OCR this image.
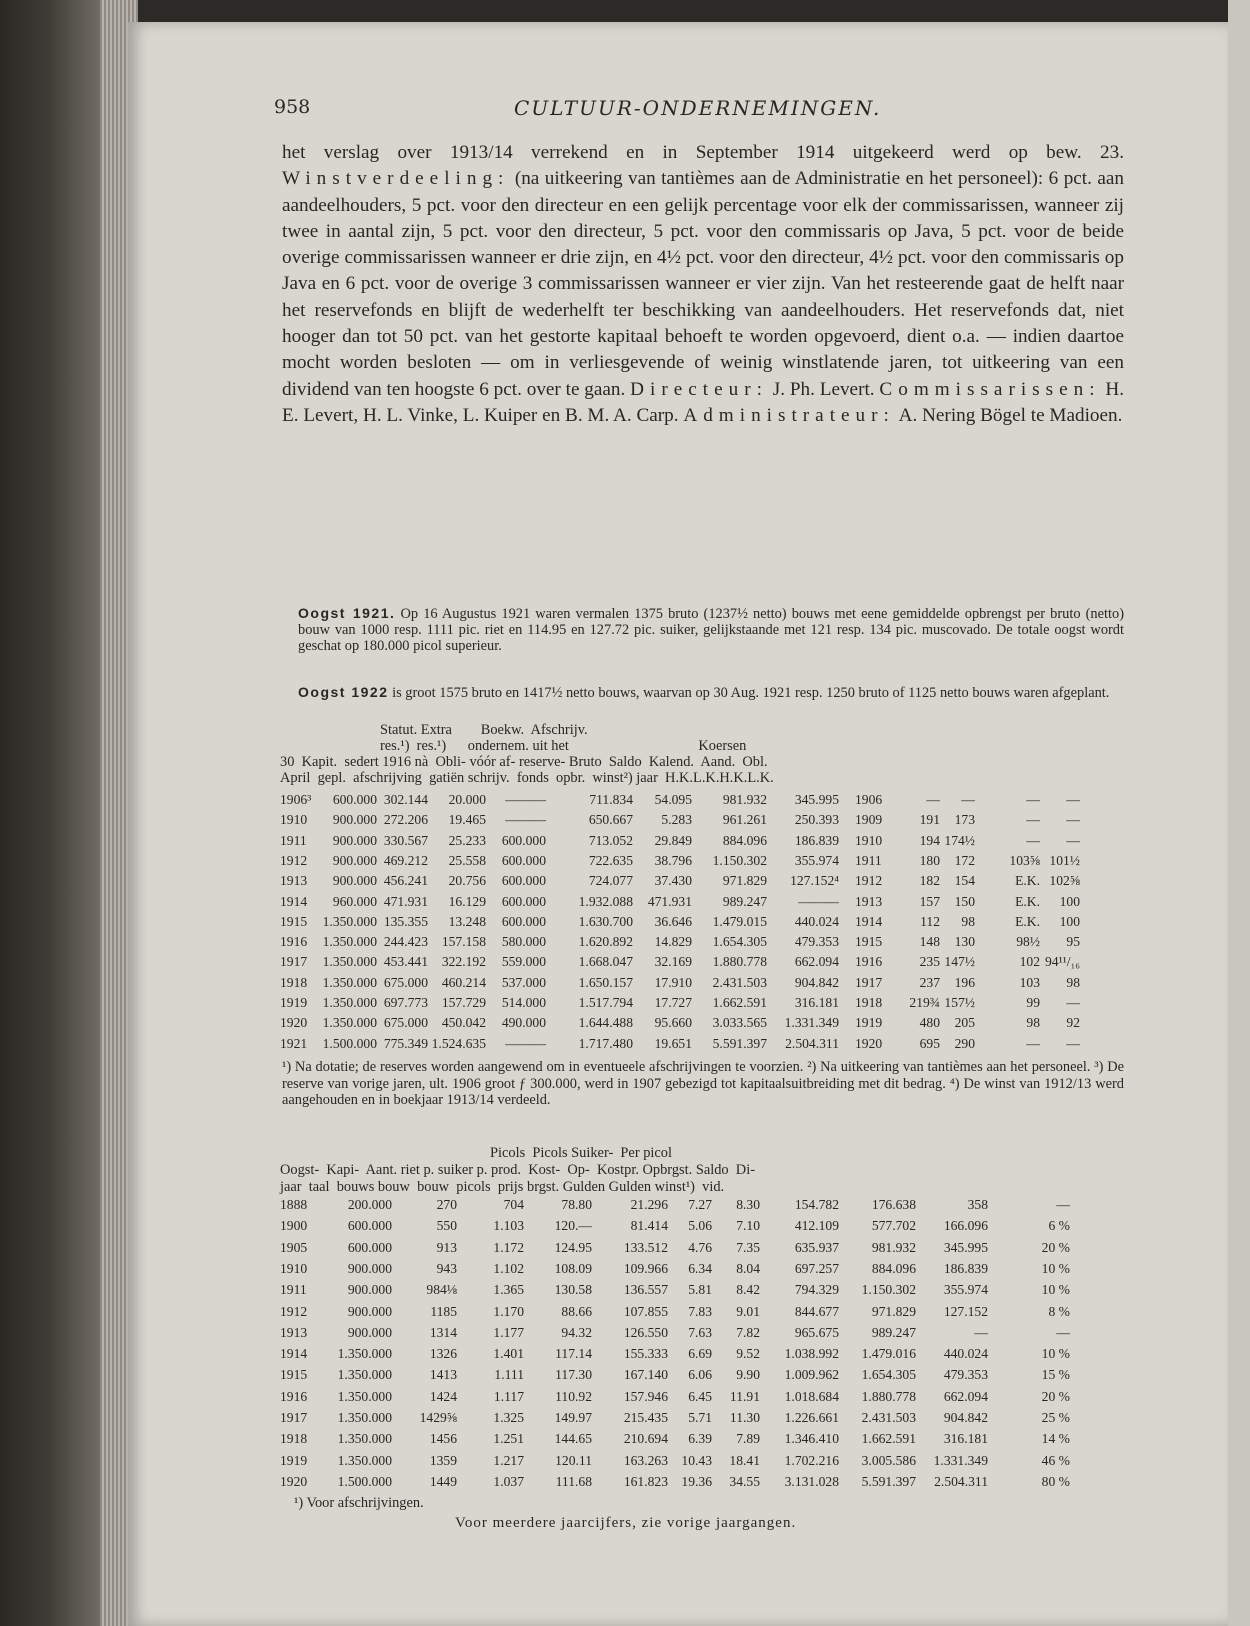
958	CULTUUR-ONDERNEMINGEN.
het verslag over 1913/14 verrekend en in September 1914 uitgekeerd werd op bew. 23. Winstverdeeling: (na uitkeering van tantièmes aan de Administratie en het personeel): 6 pct. aan aandeelhouders, 5 pct. voor den directeur en een gelijk percentage voor elk der commissarissen, wanneer zij twee in aantal zijn, 5 pct. voor den directeur, 5 pct. voor den commissaris op Java, 5 pct. voor de beide overige commissarissen wanneer er drie zijn, en 4½ pct. voor den directeur, 4½ pct. voor den commissaris op Java en 6 pct. voor de overige 3 commissarissen wanneer er vier zijn. Van het resteerende gaat de helft naar het reservefonds en blijft de wederhelft ter beschikking van aandeelhouders. Het reservefonds dat, niet hooger dan tot 50 pct. van het gestorte kapitaal behoeft te worden opgevoerd, dient o.a. — indien daartoe mocht worden besloten — om in verliesgevende of weinig winstlatende jaren, tot uitkeering van een dividend van ten hoogste 6 pct. over te gaan. Directeur: J. Ph. Levert. Commissarissen: H. E. Levert, H. L. Vinke, L. Kuiper en B. M. A. Carp. Administrateur: A. Nering Bögel te Madioen.
Oogst 1921. Op 16 Augustus 1921 waren vermalen 1375 bruto (1237½ netto) bouws met eene gemiddelde opbrengst per bruto (netto) bouw van 1000 resp. 1111 pic. riet en 114.95 en 127.72 pic. suiker, gelijkstaande met 121 resp. 134 pic. muscovado. De totale oogst wordt geschat op 180.000 picol superieur.
Oogst 1922 is groot 1575 bruto en 1417½ netto bouws, waarvan op 30 Aug. 1921 resp. 1250 bruto of 1125 netto bouws waren afgeplant.
Statut. Extra        Boekw.  Afschrijv.
res.¹)  res.¹)      ondernem. uit het                                    Koersen
30  Kapit.  sedert 1916 nà  Obli- vóór af- reserve- Bruto  Saldo  Kalend.  Aand.  Obl.
April  gepl.  afschrijving  gatiën schrijv.  fonds  opbr.  winst²) jaar  H.K.L.K.H.K.L.K.
1906³ 600.000 302.144 20.000 ———	711.834 54.095 981.932 345.995 1906	— —	— —
1910 900.000 272.206 19.465 ———	650.667 5.283 961.261 250.393 1909	191 173	— —
1911 900.000 330.567 25.233 600.000	713.052 29.849 884.096 186.839 1910	194 174½	— —
1912 900.000 469.212 25.558 600.000	722.635 38.796 1.150.302 355.974 1911	180 172	103⅝ 101½
1913 900.000 456.241 20.756 600.000	724.077 37.430 971.829 127.152⁴ 1912	182 154	E.K. 102⅝
1914 960.000 471.931 16.129 600.000 1.932.088 471.931 989.247 ——— 1913	157 150	E.K. 100
1915 1.350.000 135.355 13.248 600.000 1.630.700 36.646 1.479.015 440.024 1914	112 98	E.K. 100
1916 1.350.000 244.423 157.158 580.000 1.620.892 14.829 1.654.305 479.353 1915	148 130	98½ 95
1917 1.350.000 453.441 322.192 559.000 1.668.047 32.169 1.880.778 662.094 1916	235 147½	102 94¹¹/₁₆
1918 1.350.000 675.000 460.214 537.000 1.650.157 17.910 2.431.503 904.842 1917	237 196	103 98
1919 1.350.000 697.773 157.729 514.000 1.517.794 17.727 1.662.591 316.181 1918 219¾ 157½	99 —
1920 1.350.000 675.000 450.042 490.000 1.644.488 95.660 3.033.565 1.331.349 1919	480 205	98 92
1921 1.500.000 775.349 1.524.635 ——— 1.717.480 19.651 5.591.397 2.504.311 1920	695 290	— —
¹) Na dotatie; de reserves worden aangewend om in eventueele afschrijvingen te voorzien. ²) Na uitkeering van tantièmes aan het personeel. ³) De reserve van vorige jaren, ult. 1906 groot ƒ 300.000, werd in 1907 gebezigd tot kapitaalsuitbreiding met dit bedrag. ⁴) De winst van 1912/13 werd aangehouden en in boekjaar 1913/14 verdeeld.
Picols  Picols Suiker-  Per picol
Oogst-  Kapi-  Aant. riet p. suiker p. prod.  Kost-  Op-  Kostpr. Opbrgst. Saldo  Di-
jaar  taal  bouws bouw  bouw  picols  prijs brgst. Gulden Gulden winst¹)  vid.
1888	200.000	270	704	78.80	21.296 7.27 8.30	154.782 176.638	358	—
1900	600.000	550	1.103 120.—	81.414 5.06 7.10	412.109 577.702 166.096	6 %
1905	600.000	913	1.172 124.95 133.512 4.76 7.35	635.937 981.932 345.995	20 %
1910	900.000	943	1.102 108.09 109.966 6.34 8.04	697.257 884.096 186.839	10 %
1911	900.000	984⅛	1.365 130.58 136.557 5.81 8.42	794.329 1.150.302 355.974	10 %
1912	900.000	1185	1.170	88.66 107.855 7.83 9.01	844.677 971.829 127.152	8 %
1913	900.000	1314	1.177	94.32 126.550 7.63 7.82	965.675 989.247	—	—
1914 1.350.000	1326	1.401 117.14 155.333 6.69 9.52 1.038.992 1.479.016 440.024	10 %
1915 1.350.000	1413	1.111 117.30 167.140 6.06 9.90 1.009.962 1.654.305 479.353	15 %
1916 1.350.000	1424	1.117 110.92 157.946 6.45 11.91 1.018.684 1.880.778 662.094	20 %
1917 1.350.000 1429⅝	1.325 149.97 215.435 5.71 11.30 1.226.661 2.431.503 904.842	25 %
1918 1.350.000	1456	1.251 144.65 210.694 6.39 7.89 1.346.410 1.662.591 316.181	14 %
1919 1.350.000	1359	1.217 120.11 163.263 10.43 18.41 1.702.216 3.005.586 1.331.349	46 %
1920 1.500.000	1449	1.037 111.68 161.823 19.36 34.55 3.131.028 5.591.397 2.504.311	80 %
¹) Voor afschrijvingen.
Voor meerdere jaarcijfers, zie vorige jaargangen.
